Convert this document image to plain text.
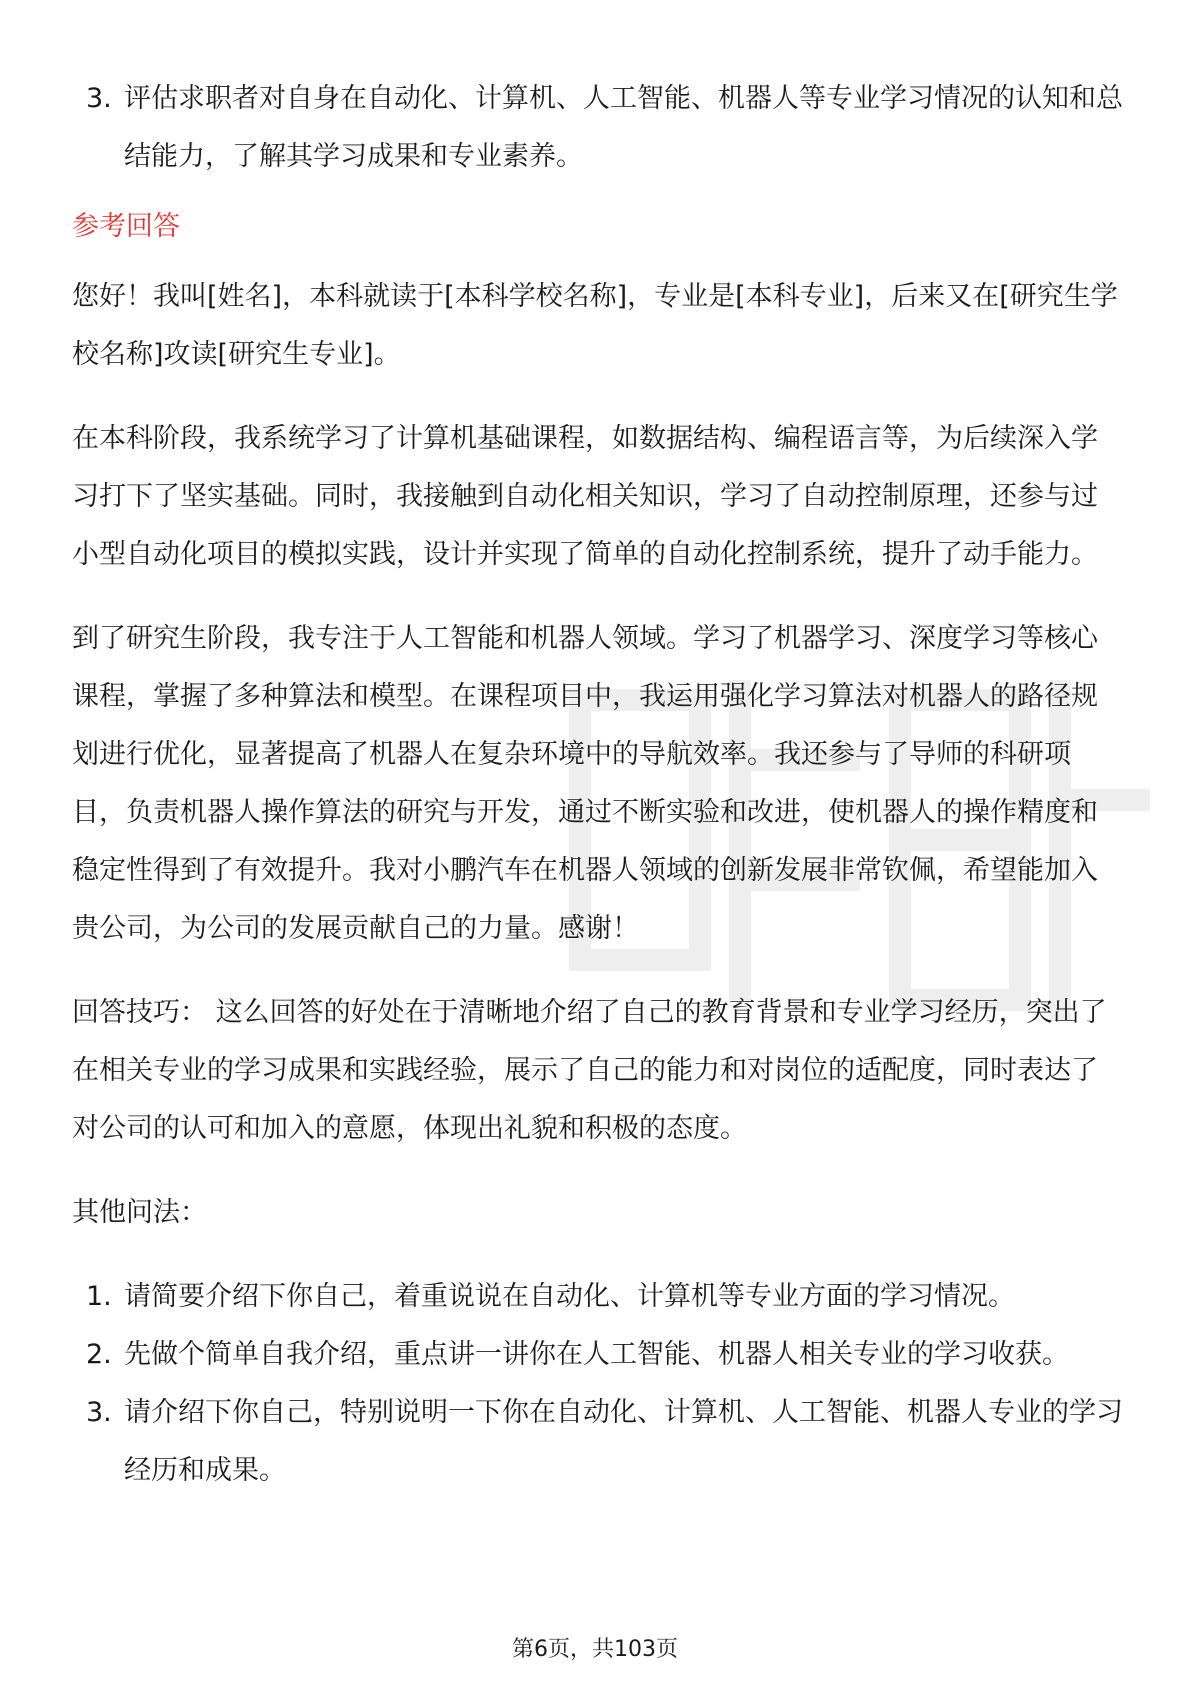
3. 评估求职者对自身在自动化、计算机、人工智能、机器人等专业学习情况的认知和总结能力，了解其学习成果和专业素养。
参考回答

您好！我叫[姓名]，本科就读于[本科学校名称]，专业是[本科专业]，后来又在[研究生学校名称]攻读[研究生专业]。

在本科阶段，我系统学习了计算机基础课程，如数据结构、编程语言等，为后续深入学习打下了坚实基础。同时，我接触到自动化相关知识，学习了自动控制原理，还参与过小型自动化项目的模拟实践，设计并实现了简单的自动化控制系统，提升了动手能力。

到了研究生阶段，我专注于人工智能和机器人领域。学习了机器学习、深度学习等核心课程，掌握了多种算法和模型。在课程项目中，我运用强化学习算法对机器人的路径规划进行优化，显著提高了机器人在复杂环境中的导航效率。我还参与了导师的科研项目，负责机器人操作算法的研究与开发，通过不断实验和改进，使机器人的操作精度和稳定性得到了有效提升。我对小鹏汽车在机器人领域的创新发展非常钦佩，希望能加入贵公司，为公司的发展贡献自己的力量。感谢！

回答技巧： 这么回答的好处在于清晰地介绍了自己的教育背景和专业学习经历，突出了在相关专业的学习成果和实践经验，展示了自己的能力和对岗位的适配度，同时表达了对公司的认可和加入的意愿，体现出礼貌和积极的态度。

其他问法：

1. 请简要介绍下你自己，着重说说在自动化、计算机等专业方面的学习情况。
2. 先做个简单自我介绍，重点讲一讲你在人工智能、机器人相关专业的学习收获。
3. 请介绍下你自己，特别说明一下你在自动化、计算机、人工智能、机器人专业的学习经历和成果。
第6页，共103页
